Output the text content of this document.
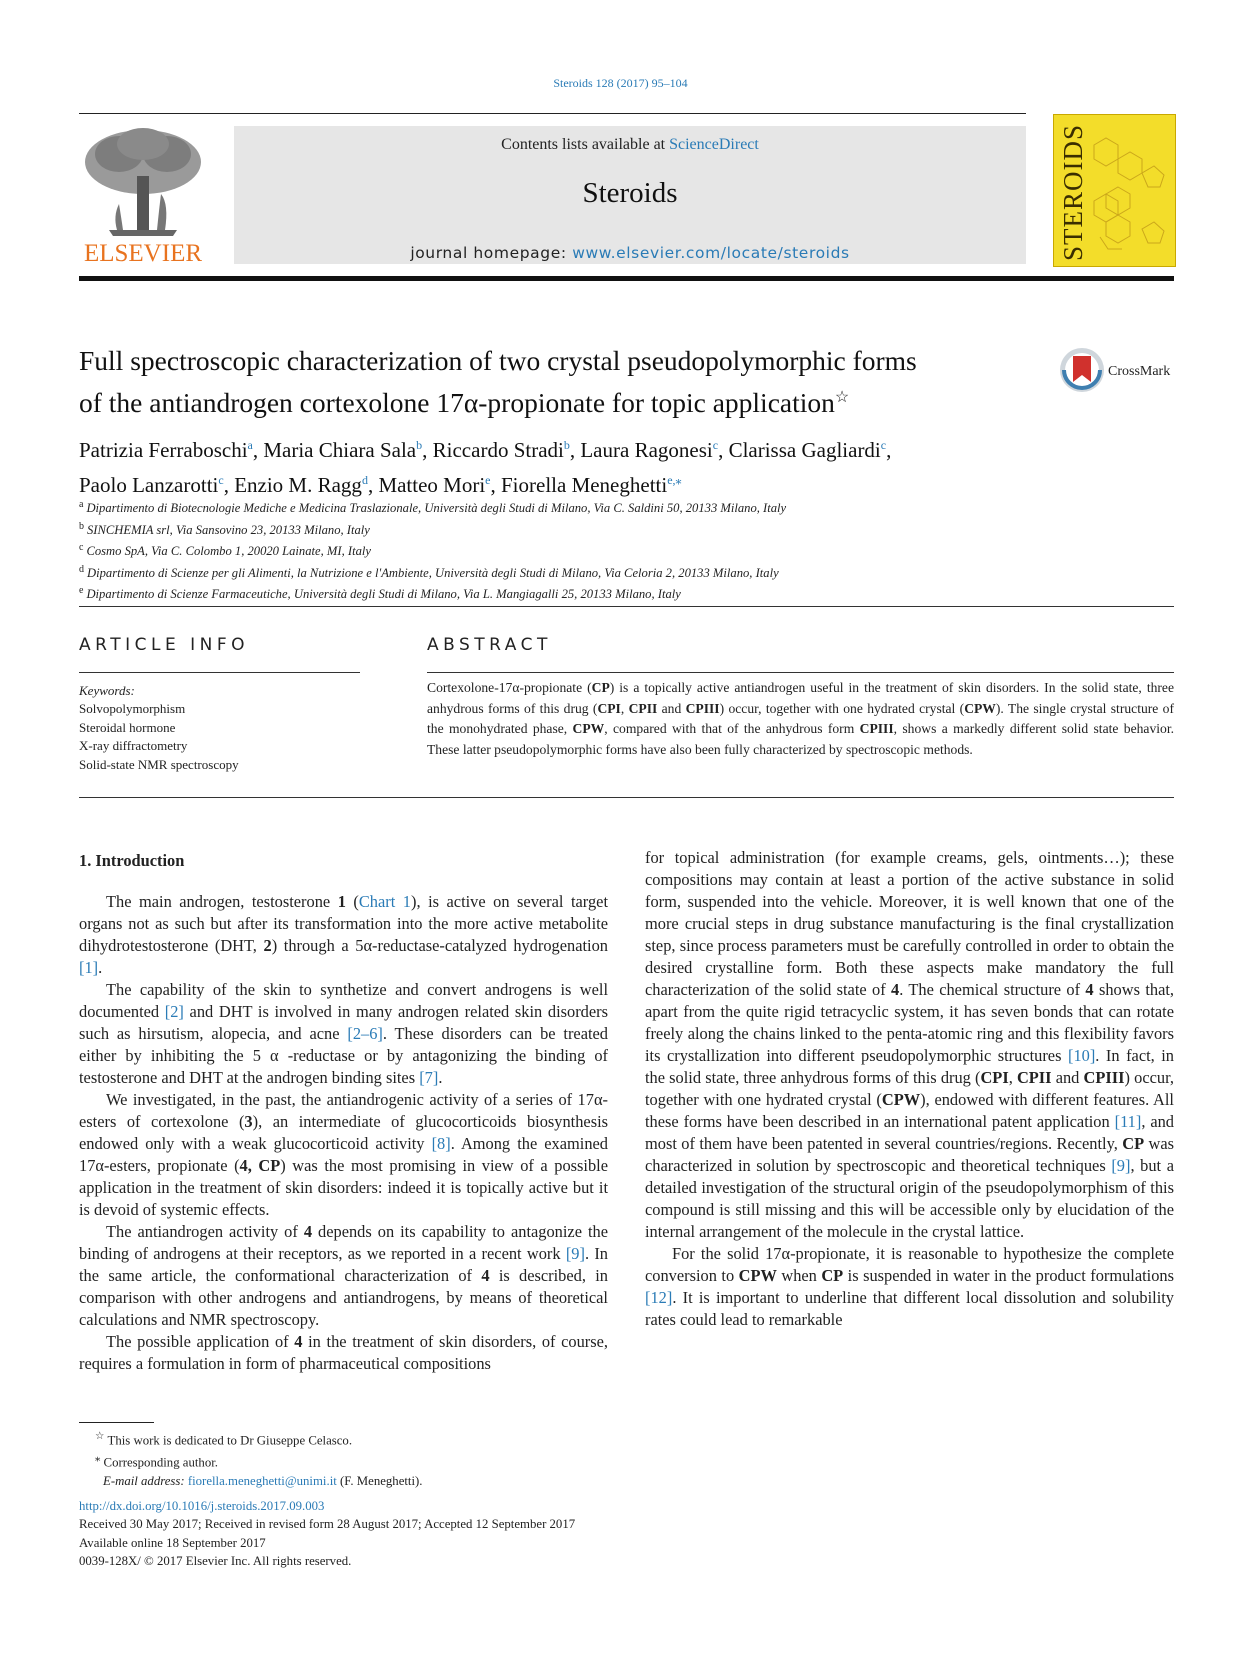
Steroids 128 (2017) 95–104
ELSEVIER
Contents lists available at ScienceDirect
Steroids
journal homepage: www.elsevier.com/locate/steroids	STEROIDS
Full spectroscopic characterization of two crystal pseudopolymorphic forms
of the antiandrogen cortexolone 17α-propionate for topic application☆
CrossMark
Patrizia Ferraboschi$^a$, Maria Chiara Sala$^b$, Riccardo Stradi$^b$, Laura Ragonesi$^c$, Clarissa Gagliardi$^c$,
Paolo Lanzarotti$^c$, Enzio M. Ragg$^d$, Matteo Mori$^e$, Fiorella Meneghetti$^{e,⁎}$
$^a$ Dipartimento di Biotecnologie Mediche e Medicina Traslazionale, Università degli Studi di Milano, Via C. Saldini 50, 20133 Milano, Italy
$^b$ SINCHEMIA srl, Via Sansovino 23, 20133 Milano, Italy
$^c$ Cosmo SpA, Via C. Colombo 1, 20020 Lainate, MI, Italy
$^d$ Dipartimento di Scienze per gli Alimenti, la Nutrizione e l'Ambiente, Università degli Studi di Milano, Via Celoria 2, 20133 Milano, Italy
$^e$ Dipartimento di Scienze Farmaceutiche, Università degli Studi di Milano, Via L. Mangiagalli 25, 20133 Milano, Italy
ARTICLE INFO
Keywords:
Solvopolymorphism
Steroidal hormone
X-ray diffractometry
Solid-state NMR spectroscopy
ABSTRACT
Cortexolone-17α-propionate (CP) is a topically active antiandrogen useful in the treatment of skin disorders. In the solid state, three anhydrous forms of this drug (CPI, CPII and CPIII) occur, together with one hydrated crystal (CPW). The single crystal structure of the monohydrated phase, CPW, compared with that of the anhydrous form CPIII, shows a markedly different solid state behavior. These latter pseudopolymorphic forms have also been fully characterized by spectroscopic methods.
1. Introduction

The main androgen, testosterone 1 (Chart 1), is active on several target organs not as such but after its transformation into the more active metabolite dihydrotestosterone (DHT, 2) through a 5α-reductase-catalyzed hydrogenation [1].

The capability of the skin to synthetize and convert androgens is well documented [2] and DHT is involved in many androgen related skin disorders such as hirsutism, alopecia, and acne [2–6]. These disorders can be treated either by inhibiting the 5 α -reductase or by antagonizing the binding of testosterone and DHT at the androgen binding sites [7].

We investigated, in the past, the antiandrogenic activity of a series of 17α-esters of cortexolone (3), an intermediate of glucocorticoids biosynthesis endowed only with a weak glucocorticoid activity [8]. Among the examined 17α-esters, propionate (4, CP) was the most promising in view of a possible application in the treatment of skin disorders: indeed it is topically active but it is devoid of systemic effects.

The antiandrogen activity of 4 depends on its capability to antagonize the binding of androgens at their receptors, as we reported in a recent work [9]. In the same article, the conformational characterization of 4 is described, in comparison with other androgens and antiandrogens, by means of theoretical calculations and NMR spectroscopy.

The possible application of 4 in the treatment of skin disorders, of course, requires a formulation in form of pharmaceutical compositions

for topical administration (for example creams, gels, ointments…); these compositions may contain at least a portion of the active substance in solid form, suspended into the vehicle. Moreover, it is well known that one of the more crucial steps in drug substance manufacturing is the final crystallization step, since process parameters must be carefully controlled in order to obtain the desired crystalline form. Both these aspects make mandatory the full characterization of the solid state of 4. The chemical structure of 4 shows that, apart from the quite rigid tetracyclic system, it has seven bonds that can rotate freely along the chains linked to the penta-atomic ring and this flexibility favors its crystallization into different pseudopolymorphic structures [10]. In fact, in the solid state, three anhydrous forms of this drug (CPI, CPII and CPIII) occur, together with one hydrated crystal (CPW), endowed with different features. All these forms have been described in an international patent application [11], and most of them have been patented in several countries/regions. Recently, CP was characterized in solution by spectroscopic and theoretical techniques [9], but a detailed investigation of the structural origin of the pseudopolymorphism of this compound is still missing and this will be accessible only by elucidation of the internal arrangement of the molecule in the crystal lattice.

For the solid 17α-propionate, it is reasonable to hypothesize the complete conversion to CPW when CP is suspended in water in the product formulations [12]. It is important to underline that different local dissolution and solubility rates could lead to remarkable

☆ This work is dedicated to Dr Giuseppe Celasco.
⁎ Corresponding author.
E-mail address: fiorella.meneghetti@unimi.it (F. Meneghetti).
http://dx.doi.org/10.1016/j.steroids.2017.09.003
Received 30 May 2017; Received in revised form 28 August 2017; Accepted 12 September 2017
Available online 18 September 2017
0039-128X/ © 2017 Elsevier Inc. All rights reserved.
